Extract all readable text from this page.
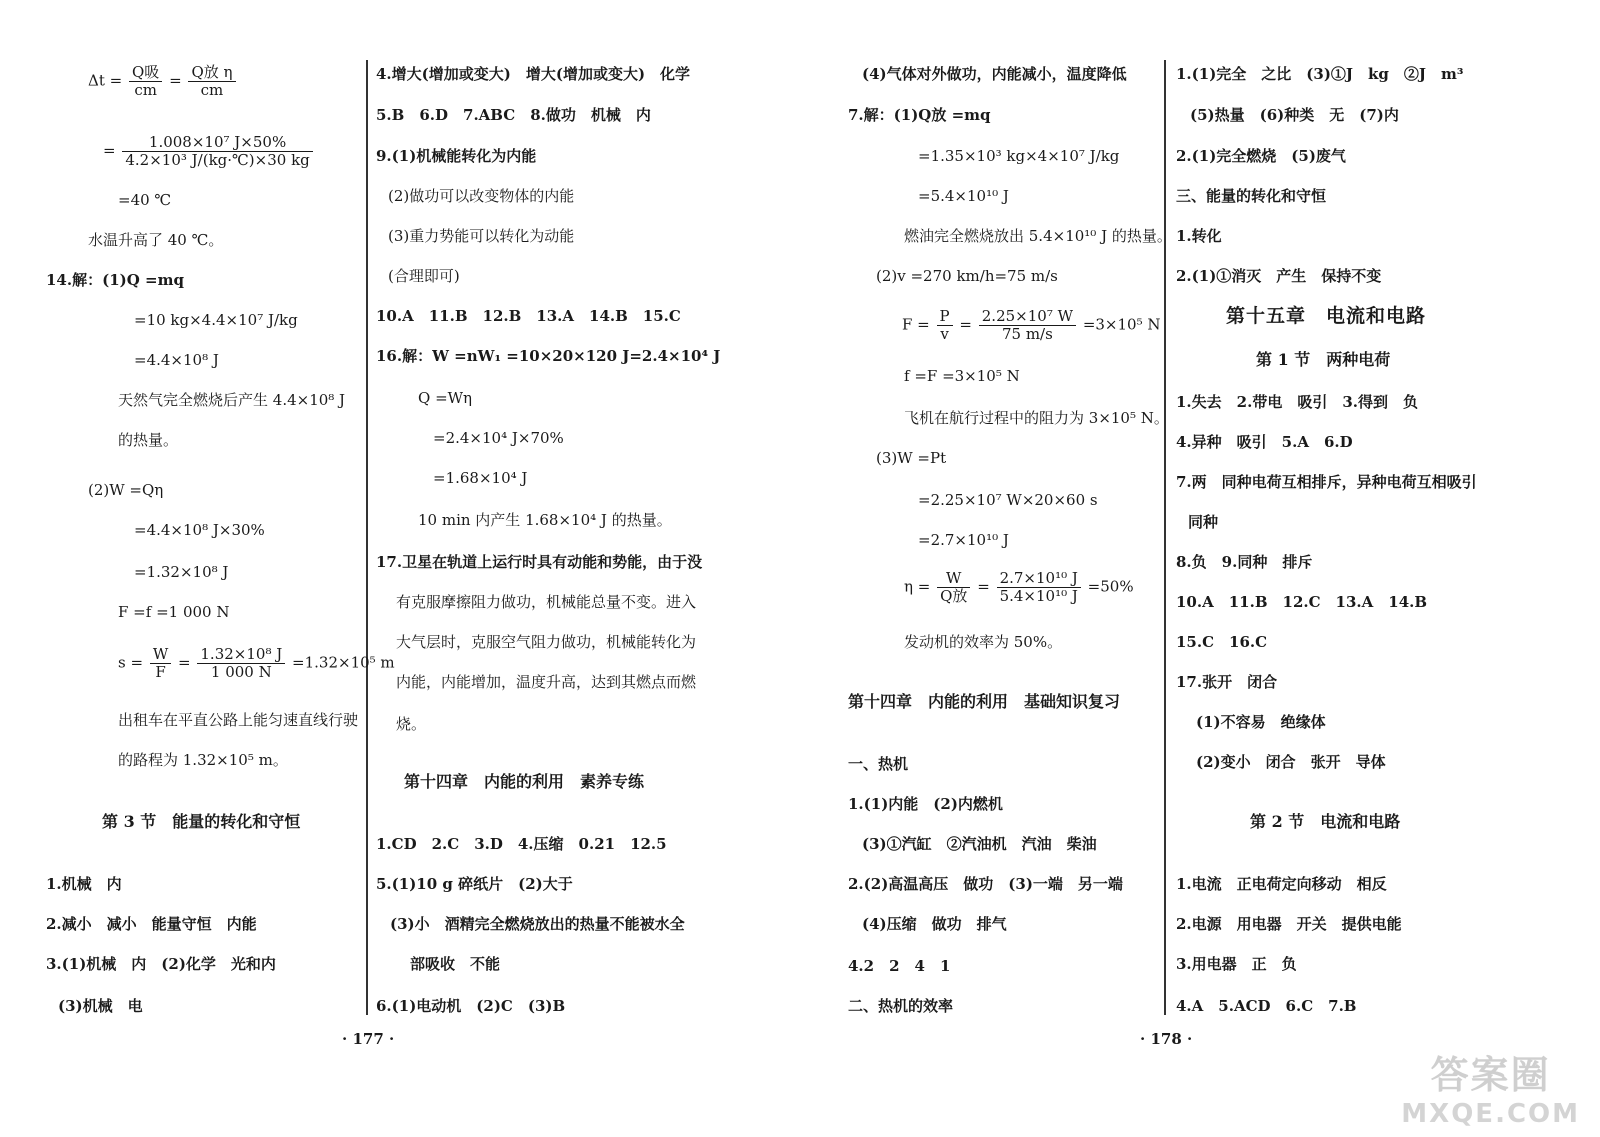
$\Delta t = \frac{\text{Q吸}}{cm} = \frac{\text{Q放 η}}{cm}$
= $\frac{\text{1.008×10⁷ J×50\%}}{\text{4.2×10³ J/(kg·℃)×30 kg}}$
=40 ℃
水温升高了 40 ℃。
14.解：(1)Q =mq
=10 kg×4.4×10⁷ J/kg
=4.4×10⁸ J
天然气完全燃烧后产生 4.4×10⁸ J
的热量。
(2)W =Qη
=4.4×10⁸ J×30%
=1.32×10⁸ J
F =f =1 000 N
$s = \frac{W}{F} = \frac{\text{1.32×10⁸ J}}{1 000 N} =1.32\times 10^5$ m
出租车在平直公路上能匀速直线行驶
的路程为 1.32×10⁵ m。
第 3 节　能量的转化和守恒
1.机械　内
2.减小　减小　能量守恒　内能
3.(1)机械　内　(2)化学　光和内
(3)机械　电
4.增大(增加或变大)　增大(增加或变大)　化学
5.B　6.D　7.ABC　8.做功　机械　内
9.(1)机械能转化为内能
(2)做功可以改变物体的内能
(3)重力势能可以转化为动能
(合理即可)
10.A　11.B　12.B　13.A　14.B　15.C
16.解：W =nW₁ =10×20×120 J=2.4×10⁴ J
Q =Wη
=2.4×10⁴ J×70%
=1.68×10⁴ J
10 min 内产生 1.68×10⁴ J 的热量。
17.卫星在轨道上运行时具有动能和势能，由于没
有克服摩擦阻力做功，机械能总量不变。进入
大气层时，克服空气阻力做功，机械能转化为
内能，内能增加，温度升高，达到其燃点而燃
烧。
第十四章　内能的利用　素养专练
1.CD　2.C　3.D　4.压缩　0.21　12.5
5.(1)10 g 碎纸片　(2)大于
(3)小　酒精完全燃烧放出的热量不能被水全
部吸收　不能
6.(1)电动机　(2)C　(3)B
(4)气体对外做功，内能减小，温度降低
7.解：(1)Q放 =mq
=1.35×10³ kg×4×10⁷ J/kg
=5.4×10¹⁰ J
燃油完全燃烧放出 5.4×10¹⁰ J 的热量。
(2)v =270 km/h=75 m/s
$F = \frac{P}{v} = \frac{\text{2.25×10⁷ W}}{75 m/s} =3\times 10^5$ N
f =F =3×10⁵ N
飞机在航行过程中的阻力为 3×10⁵ N。
(3)W =Pt
=2.25×10⁷ W×20×60 s
=2.7×10¹⁰ J
$\eta = \frac{W}{\text{Q放}} = \frac{\text{2.7×10¹⁰ J}}{\text{5.4×10¹⁰ J}} =50\%$
发动机的效率为 50%。
第十四章　内能的利用　基础知识复习
一、热机
1.(1)内能　(2)内燃机
(3)①汽缸　②汽油机　汽油　柴油
2.(2)高温高压　做功　(3)一端　另一端
(4)压缩　做功　排气
4.2　2　4　1
二、热机的效率
1.(1)完全　之比　(3)①J　kg　②J　m³
(5)热量　(6)种类　无　(7)内
2.(1)完全燃烧　(5)废气
三、能量的转化和守恒
1.转化
2.(1)①消灭　产生　保持不变
第十五章　电流和电路
第 1 节　两种电荷
1.失去　2.带电　吸引　3.得到　负
4.异种　吸引　5.A　6.D
7.两　同种电荷互相排斥，异种电荷互相吸引
同种
8.负　9.同种　排斥
10.A　11.B　12.C　13.A　14.B
15.C　16.C
17.张开　闭合
(1)不容易　绝缘体
(2)变小　闭合　张开　导体
第 2 节　电流和电路
1.电流　正电荷定向移动　相反
2.电源　用电器　开关　提供电能
3.用电器　正　负
4.A　5.ACD　6.C　7.B
· 177 ·	· 178 ·
答案圈
MXQE.COM
